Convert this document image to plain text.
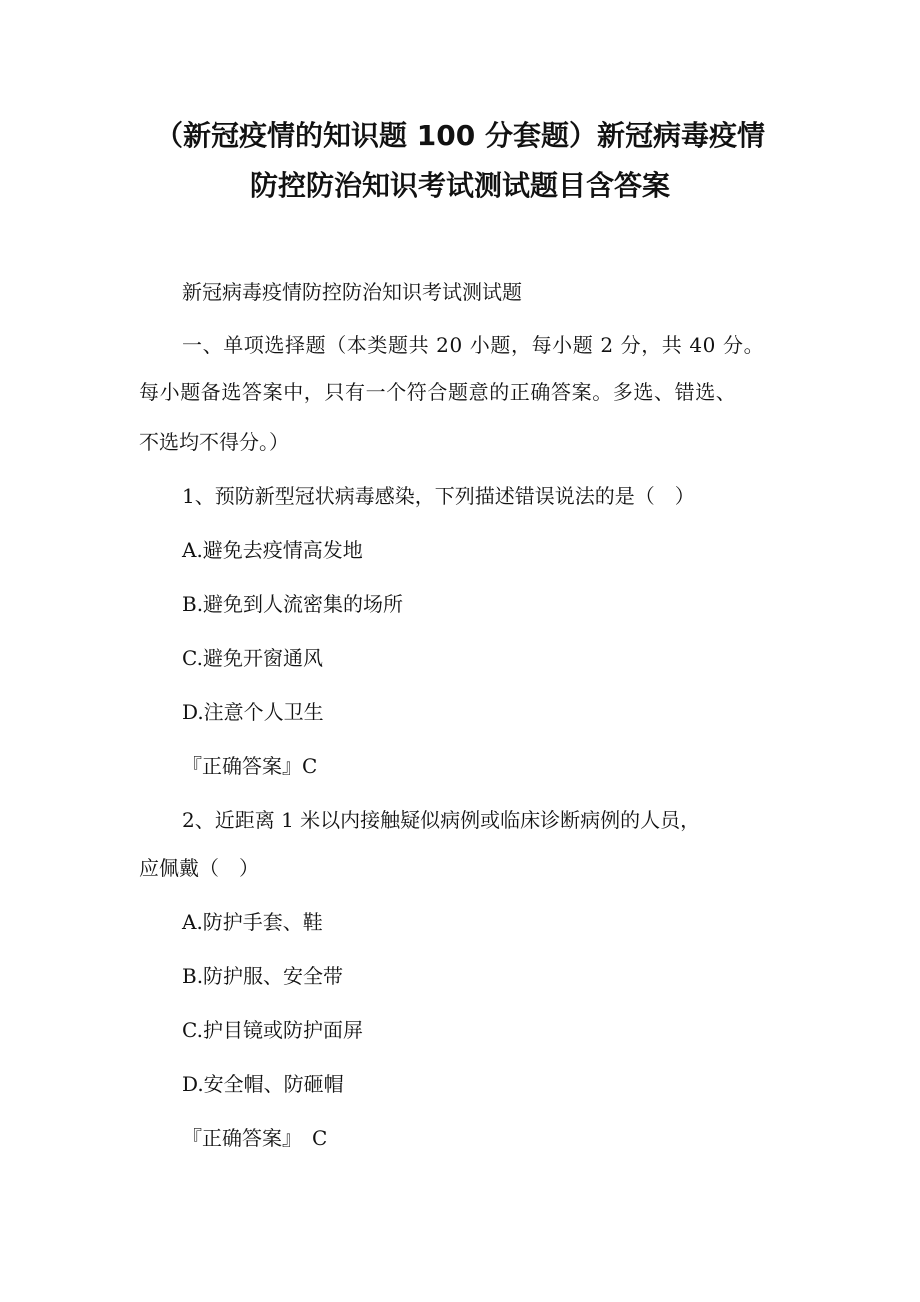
（新冠疫情的知识题 100 分套题）新冠病毒疫情
防控防治知识考试测试题目含答案

新冠病毒疫情防控防治知识考试测试题

一、单项选择题（本类题共 20 小题，每小题 2 分，共 40 分。

每小题备选答案中，只有一个符合题意的正确答案。多选、错选、

不选均不得分。）

1、预防新型冠状病毒感染，下列描述错误说法的是（　）

A.避免去疫情高发地

B.避免到人流密集的场所

C.避免开窗通风

D.注意个人卫生

『正确答案』C

2、近距离 1 米以内接触疑似病例或临床诊断病例的人员，

应佩戴（　）

A.防护手套、鞋

B.防护服、安全带

C.护目镜或防护面屏

D.安全帽、防砸帽

『正确答案』　C
